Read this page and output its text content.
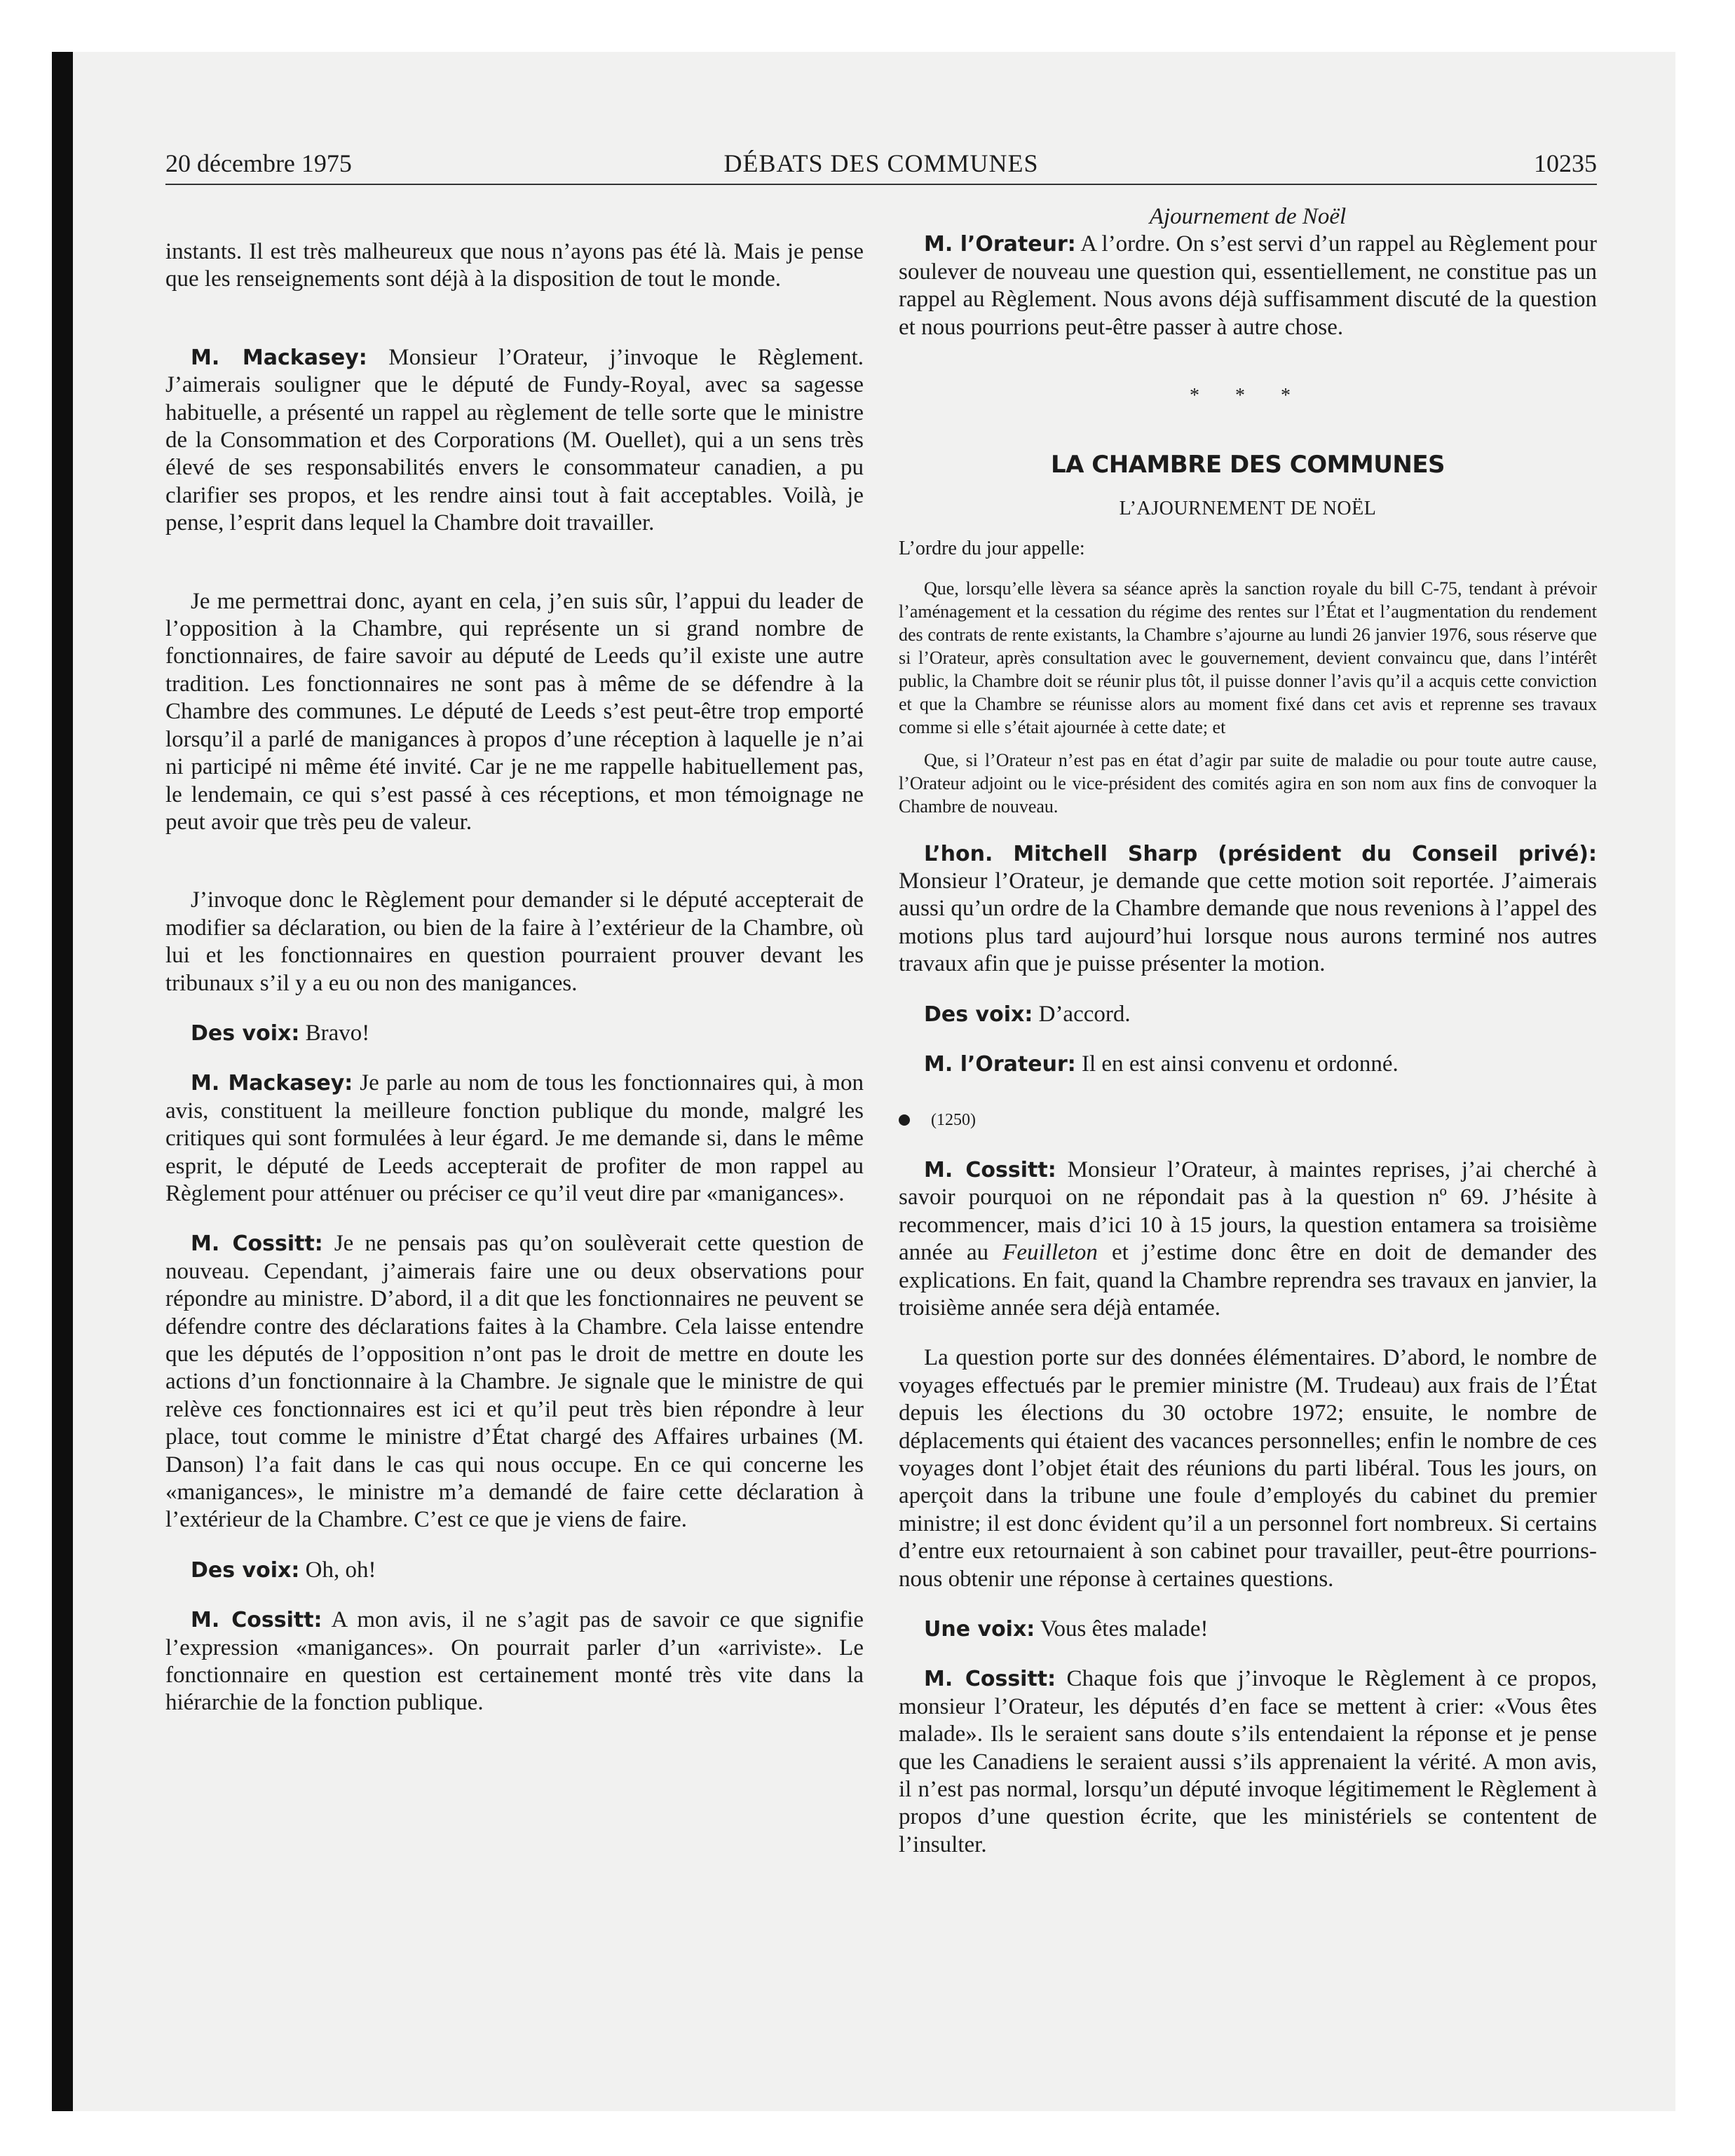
20 décembre 1975	DÉBATS DES COMMUNES	10235

instants. Il est très malheureux que nous n’ayons pas été là. Mais je pense que les renseignements sont déjà à la disposition de tout le monde.

M. Mackasey: Monsieur l’Orateur, j’invoque le Règlement. J’aimerais souligner que le député de Fundy-Royal, avec sa sagesse habituelle, a présenté un rappel au règlement de telle sorte que le ministre de la Consommation et des Corporations (M. Ouellet), qui a un sens très élevé de ses responsabilités envers le consommateur canadien, a pu clarifier ses propos, et les rendre ainsi tout à fait acceptables. Voilà, je pense, l’esprit dans lequel la Chambre doit travailler.

Je me permettrai donc, ayant en cela, j’en suis sûr, l’appui du leader de l’opposition à la Chambre, qui représente un si grand nombre de fonctionnaires, de faire savoir au député de Leeds qu’il existe une autre tradition. Les fonctionnaires ne sont pas à même de se défendre à la Chambre des communes. Le député de Leeds s’est peut-être trop emporté lorsqu’il a parlé de manigances à propos d’une réception à laquelle je n’ai ni participé ni même été invité. Car je ne me rappelle habituellement pas, le lendemain, ce qui s’est passé à ces réceptions, et mon témoignage ne peut avoir que très peu de valeur.

J’invoque donc le Règlement pour demander si le député accepterait de modifier sa déclaration, ou bien de la faire à l’extérieur de la Chambre, où lui et les fonctionnaires en question pourraient prouver devant les tribunaux s’il y a eu ou non des manigances.

Des voix: Bravo!

M. Mackasey: Je parle au nom de tous les fonctionnaires qui, à mon avis, constituent la meilleure fonction publique du monde, malgré les critiques qui sont formulées à leur égard. Je me demande si, dans le même esprit, le député de Leeds accepterait de profiter de mon rappel au Règlement pour atténuer ou préciser ce qu’il veut dire par «manigances».

M. Cossitt: Je ne pensais pas qu’on soulèverait cette question de nouveau. Cependant, j’aimerais faire une ou deux observations pour répondre au ministre. D’abord, il a dit que les fonctionnaires ne peuvent se défendre contre des déclarations faites à la Chambre. Cela laisse entendre que les députés de l’opposition n’ont pas le droit de mettre en doute les actions d’un fonctionnaire à la Chambre. Je signale que le ministre de qui relève ces fonctionnaires est ici et qu’il peut très bien répondre à leur place, tout comme le ministre d’État chargé des Affaires urbaines (M. Danson) l’a fait dans le cas qui nous occupe. En ce qui concerne les «manigances», le ministre m’a demandé de faire cette déclaration à l’extérieur de la Chambre. C’est ce que je viens de faire.

Des voix: Oh, oh!

M. Cossitt: A mon avis, il ne s’agit pas de savoir ce que signifie l’expression «manigances». On pourrait parler d’un «arriviste». Le fonctionnaire en question est certainement monté très vite dans la hiérarchie de la fonction publique.

Ajournement de Noël

M. l’Orateur: A l’ordre. On s’est servi d’un rappel au Règlement pour soulever de nouveau une question qui, essentiellement, ne constitue pas un rappel au Règlement. Nous avons déjà suffisamment discuté de la question et nous pourrions peut-être passer à autre chose.

* * *
LA CHAMBRE DES COMMUNES
L’AJOURNEMENT DE NOËL
L’ordre du jour appelle:

Que, lorsqu’elle lèvera sa séance après la sanction royale du bill C-75, tendant à prévoir l’aménagement et la cessation du régime des rentes sur l’État et l’augmentation du rendement des contrats de rente existants, la Chambre s’ajourne au lundi 26 janvier 1976, sous réserve que si l’Orateur, après consultation avec le gouvernement, devient convaincu que, dans l’intérêt public, la Chambre doit se réunir plus tôt, il puisse donner l’avis qu’il a acquis cette conviction et que la Chambre se réunisse alors au moment fixé dans cet avis et reprenne ses travaux comme si elle s’était ajournée à cette date; et

Que, si l’Orateur n’est pas en état d’agir par suite de maladie ou pour toute autre cause, l’Orateur adjoint ou le vice-président des comités agira en son nom aux fins de convoquer la Chambre de nouveau.

L’hon. Mitchell Sharp (président du Conseil privé): Monsieur l’Orateur, je demande que cette motion soit reportée. J’aimerais aussi qu’un ordre de la Chambre demande que nous revenions à l’appel des motions plus tard aujourd’hui lorsque nous aurons terminé nos autres travaux afin que je puisse présenter la motion.

Des voix: D’accord.

M. l’Orateur: Il en est ainsi convenu et ordonné.

(1250)

M. Cossitt: Monsieur l’Orateur, à maintes reprises, j’ai cherché à savoir pourquoi on ne répondait pas à la question nº 69. J’hésite à recommencer, mais d’ici 10 à 15 jours, la question entamera sa troisième année au Feuilleton et j’estime donc être en doit de demander des explications. En fait, quand la Chambre reprendra ses travaux en janvier, la troisième année sera déjà entamée.

La question porte sur des données élémentaires. D’abord, le nombre de voyages effectués par le premier ministre (M. Trudeau) aux frais de l’État depuis les élections du 30 octobre 1972; ensuite, le nombre de déplacements qui étaient des vacances personnelles; enfin le nombre de ces voyages dont l’objet était des réunions du parti libéral. Tous les jours, on aperçoit dans la tribune une foule d’employés du cabinet du premier ministre; il est donc évident qu’il a un personnel fort nombreux. Si certains d’entre eux retournaient à son cabinet pour travailler, peut-être pourrions-nous obtenir une réponse à certaines questions.

Une voix: Vous êtes malade!

M. Cossitt: Chaque fois que j’invoque le Règlement à ce propos, monsieur l’Orateur, les députés d’en face se mettent à crier: «Vous êtes malade». Ils le seraient sans doute s’ils entendaient la réponse et je pense que les Canadiens le seraient aussi s’ils apprenaient la vérité. A mon avis, il n’est pas normal, lorsqu’un député invoque légitimement le Règlement à propos d’une question écrite, que les ministériels se contentent de l’insulter.
